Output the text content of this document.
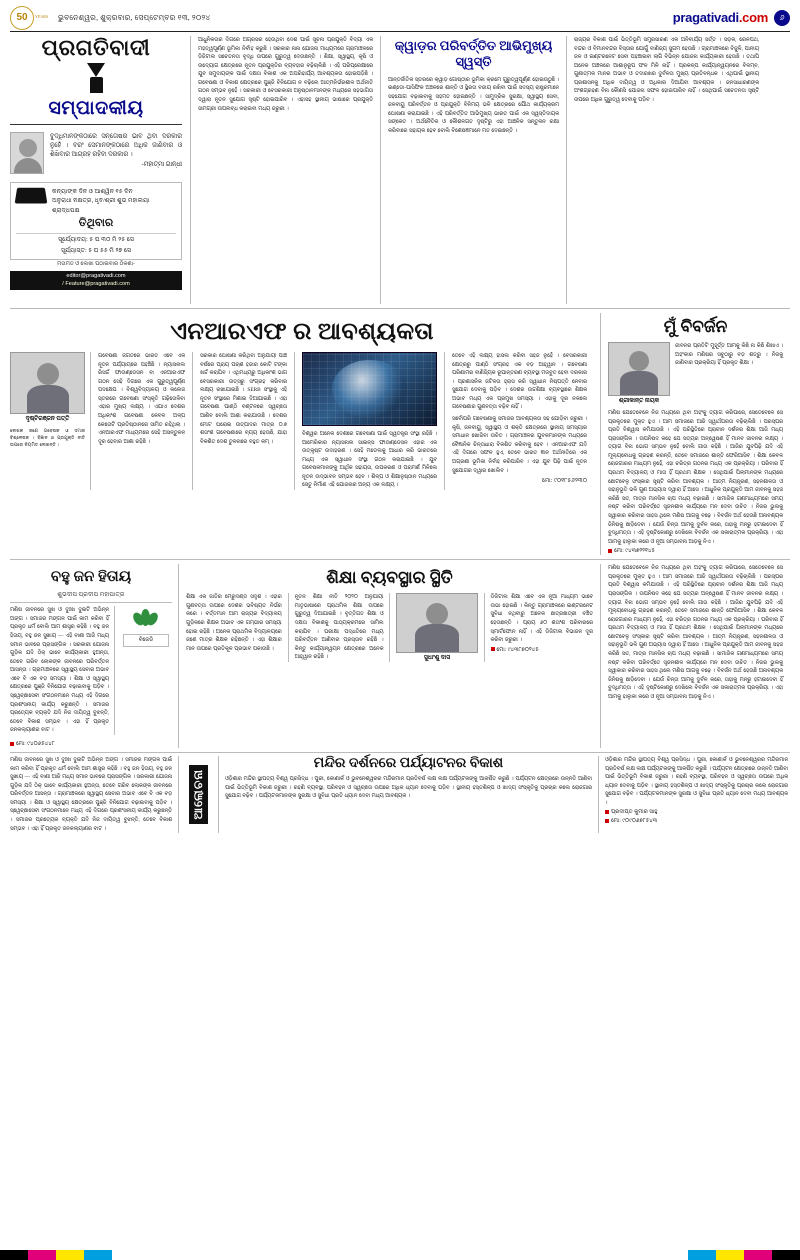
50	YEARS ଭୁବନେଶ୍ୱର, ଶୁକ୍ରବାର, ସେପ୍ଟେମ୍ବର ୧୩, ୨୦୨୪	pragativadi.com	୬
ପ୍ରଗତିବାଦୀ
ସମ୍ପାଦକୀୟ
ବୁଦ୍ଧିମାନଙ୍କଠାରେ ସନ୍ତୋଷର ଭାବ ଥିବା ଦରକାର ନୁହେଁ । ବରଂ ସେମାନଙ୍କଠାରେ ଅଧିକ ଜାଣିବାର ଓ ଶିଖିବାର ଆଗ୍ରହ ରହିବା ଦରକାର ।
-ମହାତ୍ମା ଗାନ୍ଧୀ
କନ୍ୟାଙ୍କ ଦିନ ଓ ଆଶ୍ୱିନ ୧୫ ଦିନ
ଅନୁରାଧା ନକ୍ଷତ୍ର, ଧୃବ/ଶ୍ରୀ ଶୁଭ ମହାଲୟା ଶ୍ରାଦ୍ଧପକ୍ଷ
ତିଥିବାର
ସୂର୍ଯ୍ୟୋଦୟ: ୫ ଘ ୩୦ ମି ୨୫ ସେ
ସୂର୍ଯ୍ୟାସ୍ତ: ୫ ଘ ୫୫ ମି ୨୭ ସେ
ମତାମତ ଓ ଲେଖା ପଠାଇବାର ଠିକଣା-
editor@pragativadi.com
/ Feature@pragativadi.com
ଆଧୁନିକତାର ଦିଗରେ ଅଗ୍ରସର ହେଉଥିବା ଦେଶ ପାଇଁ ସୂଚନା ପ୍ରଯୁକ୍ତି ବିଦ୍ୟା ଏକ ମହତ୍ୱପୂର୍ଣ୍ଣ ଭୂମିକା ନିର୍ବାହ କରୁଛି । ସରକାର ନାନା ଯୋଜନା ମାଧ୍ୟମରେ ଗ୍ରାମାଞ୍ଚଳରେ ଡିଜିଟାଲ ସଚେତନତା ବୃଦ୍ଧି ଉପରେ ଗୁରୁତ୍ୱ ଦେଉଛନ୍ତି । ଶିକ୍ଷା, ସ୍ୱାସ୍ଥ୍ୟ, କୃଷି ଓ ଉଦ୍ୟୋଗ କ୍ଷେତ୍ରରେ ନୂତନ ପ୍ରଯୁକ୍ତିର ବ୍ୟବହାର ବଢ଼ିଚାଲିଛି । ଏହି ପରିପ୍ରେକ୍ଷୀରେ ଯୁବ ସମୁଦାୟଙ୍କ ପାଇଁ ଦକ୍ଷତା ବିକାଶ ଏକ ଅପରିହାର୍ଯ୍ୟ ଆବଶ୍ୟକତା ହୋଇପଡ଼ିଛି । ଗବେଷଣା ଓ ବିକାଶ କ୍ଷେତ୍ରରେ ପୁଞ୍ଜି ବିନିଯୋଗ ନ ବଢ଼ିଲେ ଆତ୍ମନିର୍ଭରଶୀଳ ଅର୍ଥନୀତି ଗଠନ ସମ୍ଭବ ନୁହେଁ । ସରକାରୀ ଓ ବେସରକାରୀ ଅନୁଷ୍ଠାନମାନଙ୍କ ମଧ୍ୟରେ ସହଭାଗିତା ଦ୍ୱାରା ନୂତନ ସୁଯୋଗ ସୃଷ୍ଟି ହୋଇପାରିବ । ଏହାସହ ସ୍ଥାନୀୟ ଭାଷାରେ ପ୍ରଯୁକ୍ତି ସାମଗ୍ରୀ ଉପଲବ୍ଧ କରାଇବା ମଧ୍ୟ ଜରୁରୀ ।
କ୍ୱାଡ଼ର ପରିବର୍ତ୍ତିତ ଆଭିମୁଖ୍ୟ ସ୍ୱସ୍ତି
ଆନ୍ତର୍ଜାତିକ ସ୍ତରରେ କ୍ୱାଡ଼ ଗୋଷ୍ଠୀର ଭୂମିକା କ୍ରମେ ଗୁରୁତ୍ୱପୂର୍ଣ୍ଣ ହୋଇଉଠୁଛି । ଇଣ୍ଡୋ-ପାସିଫିକ ଅଞ୍ଚଳରେ ଶାନ୍ତି ଓ ସ୍ଥିରତା ବଜାୟ ରଖିବା ପାଇଁ ସଦସ୍ୟ ରାଷ୍ଟ୍ରମାନେ ସହଯୋଗ ବଢ଼ାଇବାକୁ ସହମତ ହୋଇଛନ୍ତି । ସାମୁଦ୍ରିକ ସୁରକ୍ଷା, ସ୍ୱାସ୍ଥ୍ୟ ସେବା, ଜଳବାୟୁ ପରିବର୍ତ୍ତନ ଓ ପ୍ରଯୁକ୍ତି ବିନିମୟ ଭଳି କ୍ଷେତ୍ରରେ ଯୌଥ କାର୍ଯ୍ୟକ୍ରମ ଘୋଷଣା କରାଯାଇଛି । ଏହି ପରିବର୍ତ୍ତିତ ଆଭିମୁଖ୍ୟ ଭାରତ ପାଇଁ ଏକ ସ୍ୱସ୍ତିଦାୟକ ସଙ୍କେତ । ଅର୍ଥନୈତିକ ଓ କୌଶଳଗତ ଦୃଷ୍ଟିରୁ ଏହା ଆଞ୍ଚଳିକ ସନ୍ତୁଳନ ରକ୍ଷା କରିବାରେ ସହାୟକ ହେବ ବୋଲି ବିଶେଷଜ୍ଞମାନେ ମତ ଦେଇଛନ୍ତି ।
ରାଜ୍ୟର ବିକାଶ ପାଇଁ ଭିତ୍ତିଭୂମି ସମ୍ପ୍ରସାରଣ ଏକ ଅନିବାର୍ଯ୍ୟ ସର୍ତ୍ତ । ସଡ଼କ, ରେଳପଥ, ବନ୍ଦର ଓ ବିମାନବନ୍ଦର ବିସ୍ତାର ଯୋଗୁଁ ବାଣିଜ୍ୟ ସୁଗମ ହେଉଛି । ଗ୍ରାମାଞ୍ଚଳରେ ବିଜୁଳି, ପାନୀୟ ଜଳ ଓ ଇଣ୍ଟରନେଟ ସେବା ପହଞ୍ଚାଇବା ଲାଗି ବିଭିନ୍ନ ଯୋଜନା କାର୍ଯ୍ୟକାରୀ ହେଉଛି । ତଥାପି ଅନେକ ଅଞ୍ଚଳରେ ଆଶାନୁରୂପ ଫଳ ମିଳି ନାହିଁ । ପ୍ରକଳ୍ପ କାର୍ଯ୍ୟାନ୍ୱୟନରେ ବିଳମ୍ବ, ଗୁଣାତ୍ମକ ମାନର ଅଭାବ ଓ ତଦାରଖର ଦୁର୍ବଳତା ମୁଖ୍ୟ ପ୍ରତିବନ୍ଧକ । ଏଥିପାଇଁ ସ୍ଥାନୀୟ ପ୍ରଶାସନକୁ ଅଧିକ ଦାୟିତ୍ୱ ଓ ଅଧିକାର ଦିଆଯିବା ଆବଶ୍ୟକ । ଜନସାଧାରଣଙ୍କ ଅଂଶଗ୍ରହଣ ବିନା କୌଣସି ଯୋଜନା ସଫଳ ହୋଇପାରିବ ନାହିଁ । ସେଥିପାଇଁ ସଚେତନତା ସୃଷ୍ଟି ଉପରେ ଅଧିକ ଗୁରୁତ୍ୱ ଦେବାକୁ ପଡ଼ିବ ।
ଏନଆରଏଫ ର ଆବଶ୍ୟକତା
ଦୃଷ୍ଟିରଞ୍ଜନ ପତ୍ତି
ଲେଖକ ଜଣେ ଗବେଷକ ଓ ସମାଜ ବିଶ୍ଳେଷକ । ବିଜ୍ଞାନ ଓ ପ୍ରଯୁକ୍ତି ନୀତି ଉପରେ ନିୟମିତ ଲେଖନ୍ତି ।
ଗବେଷଣା ଜଗତରେ ଭାରତ ଏବେ ଏକ ନୂତନ ପର୍ଯ୍ୟାୟରେ ପହଞ୍ଚିଛି । ନ୍ୟାସନାଲ ରିସର୍ଚ୍ଚ ଫାଉଣ୍ଡେସନ ବା ଏନଆରଏଫ ଗଠନ ସେହି ଦିଗରେ ଏକ ଗୁରୁତ୍ୱପୂର୍ଣ୍ଣ ପଦକ୍ଷେପ । ବିଶ୍ୱବିଦ୍ୟାଳୟ ଓ କଲେଜ ସ୍ତରରେ ଗବେଷଣା ସଂସ୍କୃତି ଗଢ଼ିତୋଳିବା ଏହାର ମୁଖ୍ୟ ଲକ୍ଷ୍ୟ । ଏଯାଏ ଦେଶର ଅଧିକାଂଶ ଗବେଷଣା କେବଳ ଅଳ୍ପ କେତୋଟି ପ୍ରତିଷ୍ଠାନରେ ସୀମିତ ରହିଥିଲା । ଏନଆରଏଫ ମାଧ୍ୟମରେ ସେହି ଅସନ୍ତୁଳନ ଦୂର ହେବାର ଆଶା ରହିଛି ।
ସରକାର ଘୋଷଣା କରିଥିବା ଅନୁଯାୟୀ ପାଞ୍ଚ ବର୍ଷରେ ପ୍ରାୟ ପଚାଶ ହଜାର କୋଟି ଟଙ୍କା ଖର୍ଚ୍ଚ କରାଯିବ । ଏଥିମଧ୍ୟରୁ ଅଧିକାଂଶ ଭାଗ ବେସରକାରୀ ଉତ୍ସରୁ ସଂଗ୍ରହ କରିବାର ଲକ୍ଷ୍ୟ ରଖାଯାଇଛି । SERB ସଂସ୍ଥାକୁ ଏହି ନୂତନ ସଂସ୍ଥାରେ ମିଶାଇ ଦିଆଯାଇଛି । ଏହା ଗବେଷଣା ପାଣ୍ଠି ବଣ୍ଟନରେ ସ୍ୱଚ୍ଛତା ଆଣିବ ବୋଲି ଆଶା କରାଯାଉଛି । ଦେଶର ମୋଟ ଘରୋଇ ଉତ୍ପାଦର ମାତ୍ର ୦.୭ ଶତାଂଶ ଗବେଷଣାରେ ବ୍ୟୟ ହେଉଛି, ଯାହା ବିକଶିତ ଦେଶ ତୁଳନାରେ ବହୁତ କମ୍ ।
ବିଶ୍ୱର ଅନେକ ଦେଶରେ ଗବେଷଣା ପାଇଁ ସ୍ୱତନ୍ତ୍ର ସଂସ୍ଥା ରହିଛି । ଆମେରିକାର ନ୍ୟାସନାଲ ସାଇନ୍ସ ଫାଉଣ୍ଡେସନ ଏହାର ଏକ ଉତ୍କୃଷ୍ଟ ଉଦାହରଣ । ସେହି ମଡେଲକୁ ଆଧାର କରି ଭାରତରେ ମଧ୍ୟ ଏକ ସ୍ୱାଧୀନ ସଂସ୍ଥା ଗଠନ କରାଯାଇଛି । ଯୁବ ଗବେଷକମାନଙ୍କୁ ଆର୍ଥିକ ସହାୟତା, ଉପକରଣ ଓ ପରାମର୍ଶ ମିଳିଲେ ନୂତନ ଉଦ୍ଭାବନ ସମ୍ଭବ ହେବ । ଶିଳ୍ପ ଓ ଶିକ୍ଷାନୁଷ୍ଠାନ ମଧ୍ୟରେ ସେତୁ ନିର୍ମାଣ ଏହି ଯୋଜନାର ଅନ୍ୟ ଏକ ଲକ୍ଷ୍ୟ ।
ତେବେ ଏହି ଲକ୍ଷ୍ୟ ହାସଲ କରିବା ସହଜ ନୁହେଁ । ବେସରକାରୀ କ୍ଷେତ୍ରରୁ ପାଣ୍ଠି ସଂଗ୍ରହ ଏକ ବଡ଼ ଆହ୍ୱାନ । ଗବେଷଣା ପରିଣାମର ବାଣିଜ୍ୟିକ ରୂପାନ୍ତରଣ ବ୍ୟବସ୍ଥା ମଜବୁତ ହେବା ଦରକାର । ପ୍ରଶାସନିକ ଜଟିଳତା ହ୍ରାସ କରି ସ୍ୱାଧୀନ ନିଷ୍ପତ୍ତି ନେବାର ସୁଯୋଗ ଦେବାକୁ ପଡ଼ିବ । ଦେଶର ଉଚ୍ଚଶିକ୍ଷା ବ୍ୟବସ୍ଥାରେ ଶିକ୍ଷକ ଅଭାବ ମଧ୍ୟ ଏକ ପ୍ରମୁଖ ସମସ୍ୟା । ଏହାକୁ ଦୂର ନକଲେ ଗବେଷଣାର ଗୁଣବତ୍ତା ବଢ଼ିବ ନାହିଁ ।
ସର୍ବୋପରି ଗବେଷଣାକୁ ସମାଜର ଆବଶ୍ୟକତା ସହ ଯୋଡ଼ିବା ଜରୁରୀ । କୃଷି, ଜଳବାୟୁ, ସ୍ୱାସ୍ଥ୍ୟ ଓ ଶକ୍ତି କ୍ଷେତ୍ରରେ ସ୍ଥାନୀୟ ସମସ୍ୟାର ସମାଧାନ ଖୋଜିବା ଉଚିତ । ଗ୍ରାମାଞ୍ଚଳର ଯୁବକମାନଙ୍କ ମଧ୍ୟରେ ବୈଜ୍ଞାନିକ ଚିନ୍ତାଧାରା ବିକଶିତ କରିବାକୁ ହେବ । ଏନଆରଏଫ ଯଦି ଏହି ଦିଗରେ ସଫଳ ହୁଏ, ତେବେ ଭାରତ ଜ୍ଞାନ ଅର୍ଥନୀତିରେ ଏକ ଅଗ୍ରଣୀ ଭୂମିକା ନିର୍ବାହ କରିପାରିବ । ଏହା ଯୁବ ପିଢ଼ି ପାଇଁ ନୂତନ ସୁଯୋଗର ଦ୍ୱାର ଖୋଲିବ ।
ମୋ: ୯୦୧୮୫୬୨୩୦
ମୁଁ ବିବର୍ଜନ
ଶ୍ରୀକାନ୍ତ ନାୟକ
ଜୀବନର ପ୍ରତିଟି ମୁହୂର୍ତ୍ତ ଆମକୁ କିଛି ନା କିଛି ଶିଖାଏ । ଅହଂକାର ମଣିଷର ସବୁଠାରୁ ବଡ଼ ଶତ୍ରୁ । ନିଜକୁ ଜାଣିବାର ପ୍ରକ୍ରିୟା ହିଁ ପ୍ରକୃତ ଶିକ୍ଷା ।
ମଣିଷ ଯେତେବେଳେ ନିଜ ମଧ୍ୟରେ ଥିବା ଅହଂକୁ ତ୍ୟାଗ କରିପାରେ, ସେତେବେଳେ ସେ ପ୍ରକୃତରେ ମୁକ୍ତ ହୁଏ । ଆମ ସମାଜରେ ଆଜି ସ୍ୱାର୍ଥପରତା ବଢ଼ିଚାଲିଛି । ପରସ୍ପର ପ୍ରତି ବିଶ୍ୱାସ କମିଯାଉଛି । ଏହି ପରିସ୍ଥିତିରେ ପ୍ରାଚୀନ ଦର୍ଶନର ଶିକ୍ଷା ଆଜି ମଧ୍ୟ ପ୍ରାସଙ୍ଗିକ । ଉପନିଷଦ କହେ ଯେ ସତ୍ୟର ଅନ୍ୱେଷଣ ହିଁ ମାନବ ଜୀବନର ଲକ୍ଷ୍ୟ । ତ୍ୟାଗ ବିନା ଭୋଗ ସମ୍ଭବ ନୁହେଁ ବୋଲି ଗୀତା କହିଛି । ଆଜିର ଯୁବପିଢ଼ି ଯଦି ଏହି ମୂଲ୍ୟବୋଧକୁ ଗ୍ରହଣ କରନ୍ତି, ତେବେ ସମାଜରେ ଶାନ୍ତି ଫେରିଆସିବ । ଶିକ୍ଷା କେବଳ ରୋଜଗାରର ମାଧ୍ୟମ ନୁହେଁ, ଏହା ଚରିତ୍ର ଗଠନର ମଧ୍ୟ ଏକ ପ୍ରକ୍ରିୟା । ପରିବାର ହିଁ ପ୍ରଥମ ବିଦ୍ୟାଳୟ ଓ ମାତା ହିଁ ପ୍ରଥମ ଶିକ୍ଷକ । ସେଥିପାଇଁ ପିଲାମାନଙ୍କ ମଧ୍ୟରେ ଛୋଟବେଳୁ ସଂସ୍କାର ସୃଷ୍ଟି କରିବା ଆବଶ୍ୟକ । ଆତ୍ମ ନିୟନ୍ତ୍ରଣ, ସହନଶୀଳତା ଓ ସହାନୁଭୂତି ଭଳି ଗୁଣ ଅଭ୍ୟାସ ଦ୍ୱାରା ହିଁ ଆସେ । ଆଧୁନିକ ପ୍ରଯୁକ୍ତି ଆମ ଜୀବନକୁ ସହଜ କରିଛି ସତ, ମାତ୍ର ମାନସିକ ଚାପ ମଧ୍ୟ ବଢ଼ାଇଛି । ସାମାଜିକ ଗଣମାଧ୍ୟମରେ ସମୟ ନଷ୍ଟ କରିବା ପରିବର୍ତ୍ତେ ସୃଜନଶୀଳ କାର୍ଯ୍ୟରେ ମନ ଦେବା ଉଚିତ । ନିଜର ଭୁଲକୁ ସ୍ୱୀକାର କରିବାର ସାହସ ଥିଲେ ମଣିଷ ଆଗକୁ ବଢ଼େ । ବିବର୍ଜନ ଅର୍ଥ ହେଉଛି ଅନାବଶ୍ୟକ ଜିନିଷକୁ ଛାଡ଼ିଦେବା । ଯେଉଁ ଚିନ୍ତା ଆମକୁ ଦୁର୍ବଳ କରେ, ତାହାକୁ ମନରୁ ହଟାଇଦେବା ହିଁ ବୁଦ୍ଧିମତ୍ତା । ଏହି ଦୃଷ୍ଟିକୋଣରୁ ଦେଖିଲେ ବିବର୍ଜନ ଏକ ସକାରାତ୍ମକ ପ୍ରକ୍ରିୟା । ଏହା ଆମକୁ ହାଲୁକା କରେ ଓ ନୂଆ ସମ୍ଭାବନା ଆଡ଼କୁ ନିଏ ।
ମୋ: ୯୪୩୭୨୨୧୪୫
ବହୁ ଜନ ହିତାୟ
ଶୁଭଦୀପ ପ୍ରଦୀପ ମହାପାତ୍ର
ମଣିଷ ଜୀବନରେ ସୁଖ ଓ ଦୁଃଖ ଦୁଇଟି ଅଭିନ୍ନ ଅଙ୍ଗ । ସମାଜର ମଙ୍ଗଳ ପାଇଁ କାମ କରିବା ହିଁ ପ୍ରକୃତ ଧର୍ମ ବୋଲି ଆମ ଶାସ୍ତ୍ର କହିଛି । ବହୁ ଜନ ହିତାୟ, ବହୁ ଜନ ସୁଖାୟ — ଏହି ବାଣୀ ଆଜି ମଧ୍ୟ ସମାନ ଭାବରେ ପ୍ରାସଙ୍ଗିକ । ସରକାରୀ ଯୋଜନା ଗୁଡ଼ିକ ଯଦି ଠିକ୍ ଭାବେ କାର୍ଯ୍ୟକାରୀ ହୁଅନ୍ତା, ତେବେ ଗରିବ ଲୋକଙ୍କ ଜୀବନରେ ପରିବର୍ତ୍ତନ ଆସନ୍ତା । ଗ୍ରାମାଞ୍ଚଳରେ ସ୍ୱାସ୍ଥ୍ୟ ସେବାର ଅଭାବ ଏବେ ବି ଏକ ବଡ଼ ସମସ୍ୟା । ଶିକ୍ଷା ଓ ସ୍ୱାସ୍ଥ୍ୟ କ୍ଷେତ୍ରରେ ପୁଞ୍ଜି ବିନିଯୋଗ ବଢ଼ାଇବାକୁ ପଡ଼ିବ । ସ୍ୱେଚ୍ଛାସେବୀ ସଂଗଠନମାନେ ମଧ୍ୟ ଏହି ଦିଗରେ ପ୍ରଶଂସନୀୟ କାର୍ଯ୍ୟ କରୁଛନ୍ତି । ସମାଜର ପ୍ରତ୍ୟେକ ବ୍ୟକ୍ତି ଯଦି ନିଜ ଦାୟିତ୍ୱ ବୁଝନ୍ତି, ତେବେ ବିକାଶ ସମ୍ଭବ । ଏହା ହିଁ ପ୍ରକୃତ ଜନକଲ୍ୟାଣର ବାଟ ।
ବିଜେଡି
ମୋ: ୯୪୦୬୫୪୪୮
ଶିକ୍ଷା ବ୍ୟବସ୍ଥାର ସ୍ଥିତି
ଶିକ୍ଷା ଏକ ଜାତିର ମେରୁଦଣ୍ଡ ସଦୃଶ । ଏହାର ଗୁଣବତ୍ତା ଉପରେ ଦେଶର ଭବିଷ୍ୟତ ନିର୍ଭର କରେ । ବର୍ତ୍ତମାନ ଆମ ରାଜ୍ୟର ବିଦ୍ୟାଳୟ ଗୁଡ଼ିକରେ ଶିକ୍ଷକ ଅଭାବ ଏକ ଗମ୍ଭୀର ସମସ୍ୟା ହୋଇ ରହିଛି । ଅନେକ ପ୍ରାଥମିକ ବିଦ୍ୟାଳୟରେ ଜଣେ ମାତ୍ର ଶିକ୍ଷକ ରହିଛନ୍ତି । ଏହା ଶିକ୍ଷାର ମାନ ଉପରେ ପ୍ରତିକୂଳ ପ୍ରଭାବ ପକାଉଛି ।
ନୂତନ ଶିକ୍ଷା ନୀତି ୨୦୨୦ ଅନୁଯାୟୀ ମାତୃଭାଷାରେ ପ୍ରାଥମିକ ଶିକ୍ଷା ଉପରେ ଗୁରୁତ୍ୱ ଦିଆଯାଇଛି । ବୃତ୍ତିଗତ ଶିକ୍ଷା ଓ ଦକ୍ଷତା ବିକାଶକୁ ପାଠ୍ୟକ୍ରମରେ ସାମିଲ କରାଯିବ । ପରୀକ୍ଷା ପଦ୍ଧତିରେ ମଧ୍ୟ ପରିବର୍ତ୍ତନ ଆଣିବାର ପ୍ରସ୍ତାବ ରହିଛି । କିନ୍ତୁ କାର୍ଯ୍ୟାନ୍ୱୟନ କ୍ଷେତ୍ରରେ ଅନେକ ଆହ୍ୱାନ ରହିଛି ।	ସୁଧାଂଶୁ ଦାସ
ଡିଜିଟାଲ ଶିକ୍ଷା ଏବେ ଏକ ନୂଆ ମାଧ୍ୟମ ଭାବେ ଉଭା ହୋଇଛି । କିନ୍ତୁ ଗ୍ରାମାଞ୍ଚଳରେ ଇଣ୍ଟରନେଟ ସୁବିଧା ନଥିବାରୁ ଅନେକ ଛାତ୍ରଛାତ୍ରୀ ବଞ୍ଚିତ ହେଉଛନ୍ତି । ପ୍ରାୟ ୬୦ ଶତାଂଶ ପରିବାରରେ ସ୍ମାର୍ଟଫୋନ ନାହିଁ । ଏହି ଡିଜିଟାଲ ବିଭାଜନ ଦୂର କରିବା ଜରୁରୀ ।
ମୋ: ୯୪୩୮୭୦୨୪୫
ମଣିଷ ଯେତେବେଳେ ନିଜ ମଧ୍ୟରେ ଥିବା ଅହଂକୁ ତ୍ୟାଗ କରିପାରେ, ସେତେବେଳେ ସେ ପ୍ରକୃତରେ ମୁକ୍ତ ହୁଏ । ଆମ ସମାଜରେ ଆଜି ସ୍ୱାର୍ଥପରତା ବଢ଼ିଚାଲିଛି । ପରସ୍ପର ପ୍ରତି ବିଶ୍ୱାସ କମିଯାଉଛି । ଏହି ପରିସ୍ଥିତିରେ ପ୍ରାଚୀନ ଦର୍ଶନର ଶିକ୍ଷା ଆଜି ମଧ୍ୟ ପ୍ରାସଙ୍ଗିକ । ଉପନିଷଦ କହେ ଯେ ସତ୍ୟର ଅନ୍ୱେଷଣ ହିଁ ମାନବ ଜୀବନର ଲକ୍ଷ୍ୟ । ତ୍ୟାଗ ବିନା ଭୋଗ ସମ୍ଭବ ନୁହେଁ ବୋଲି ଗୀତା କହିଛି । ଆଜିର ଯୁବପିଢ଼ି ଯଦି ଏହି ମୂଲ୍ୟବୋଧକୁ ଗ୍ରହଣ କରନ୍ତି, ତେବେ ସମାଜରେ ଶାନ୍ତି ଫେରିଆସିବ । ଶିକ୍ଷା କେବଳ ରୋଜଗାରର ମାଧ୍ୟମ ନୁହେଁ, ଏହା ଚରିତ୍ର ଗଠନର ମଧ୍ୟ ଏକ ପ୍ରକ୍ରିୟା । ପରିବାର ହିଁ ପ୍ରଥମ ବିଦ୍ୟାଳୟ ଓ ମାତା ହିଁ ପ୍ରଥମ ଶିକ୍ଷକ । ସେଥିପାଇଁ ପିଲାମାନଙ୍କ ମଧ୍ୟରେ ଛୋଟବେଳୁ ସଂସ୍କାର ସୃଷ୍ଟି କରିବା ଆବଶ୍ୟକ । ଆତ୍ମ ନିୟନ୍ତ୍ରଣ, ସହନଶୀଳତା ଓ ସହାନୁଭୂତି ଭଳି ଗୁଣ ଅଭ୍ୟାସ ଦ୍ୱାରା ହିଁ ଆସେ । ଆଧୁନିକ ପ୍ରଯୁକ୍ତି ଆମ ଜୀବନକୁ ସହଜ କରିଛି ସତ, ମାତ୍ର ମାନସିକ ଚାପ ମଧ୍ୟ ବଢ଼ାଇଛି । ସାମାଜିକ ଗଣମାଧ୍ୟମରେ ସମୟ ନଷ୍ଟ କରିବା ପରିବର୍ତ୍ତେ ସୃଜନଶୀଳ କାର୍ଯ୍ୟରେ ମନ ଦେବା ଉଚିତ । ନିଜର ଭୁଲକୁ ସ୍ୱୀକାର କରିବାର ସାହସ ଥିଲେ ମଣିଷ ଆଗକୁ ବଢ଼େ । ବିବର୍ଜନ ଅର୍ଥ ହେଉଛି ଅନାବଶ୍ୟକ ଜିନିଷକୁ ଛାଡ଼ିଦେବା । ଯେଉଁ ଚିନ୍ତା ଆମକୁ ଦୁର୍ବଳ କରେ, ତାହାକୁ ମନରୁ ହଟାଇଦେବା ହିଁ ବୁଦ୍ଧିମତ୍ତା । ଏହି ଦୃଷ୍ଟିକୋଣରୁ ଦେଖିଲେ ବିବର୍ଜନ ଏକ ସକାରାତ୍ମକ ପ୍ରକ୍ରିୟା । ଏହା ଆମକୁ ହାଲୁକା କରେ ଓ ନୂଆ ସମ୍ଭାବନା ଆଡ଼କୁ ନିଏ ।
ମଣିଷ ଜୀବନରେ ସୁଖ ଓ ଦୁଃଖ ଦୁଇଟି ଅଭିନ୍ନ ଅଙ୍ଗ । ସମାଜର ମଙ୍ଗଳ ପାଇଁ କାମ କରିବା ହିଁ ପ୍ରକୃତ ଧର୍ମ ବୋଲି ଆମ ଶାସ୍ତ୍ର କହିଛି । ବହୁ ଜନ ହିତାୟ, ବହୁ ଜନ ସୁଖାୟ — ଏହି ବାଣୀ ଆଜି ମଧ୍ୟ ସମାନ ଭାବରେ ପ୍ରାସଙ୍ଗିକ । ସରକାରୀ ଯୋଜନା ଗୁଡ଼ିକ ଯଦି ଠିକ୍ ଭାବେ କାର୍ଯ୍ୟକାରୀ ହୁଅନ୍ତା, ତେବେ ଗରିବ ଲୋକଙ୍କ ଜୀବନରେ ପରିବର୍ତ୍ତନ ଆସନ୍ତା । ଗ୍ରାମାଞ୍ଚଳରେ ସ୍ୱାସ୍ଥ୍ୟ ସେବାର ଅଭାବ ଏବେ ବି ଏକ ବଡ଼ ସମସ୍ୟା । ଶିକ୍ଷା ଓ ସ୍ୱାସ୍ଥ୍ୟ କ୍ଷେତ୍ରରେ ପୁଞ୍ଜି ବିନିଯୋଗ ବଢ଼ାଇବାକୁ ପଡ଼ିବ । ସ୍ୱେଚ୍ଛାସେବୀ ସଂଗଠନମାନେ ମଧ୍ୟ ଏହି ଦିଗରେ ପ୍ରଶଂସନୀୟ କାର୍ଯ୍ୟ କରୁଛନ୍ତି । ସମାଜର ପ୍ରତ୍ୟେକ ବ୍ୟକ୍ତି ଯଦି ନିଜ ଦାୟିତ୍ୱ ବୁଝନ୍ତି, ତେବେ ବିକାଶ ସମ୍ଭବ । ଏହା ହିଁ ପ୍ରକୃତ ଜନକଲ୍ୟାଣର ବାଟ ।
ଆଲୋଚନା
ମନ୍ଦିର ଦର୍ଶନରେ ପର୍ଯ୍ୟାଟନର ବିକାଶ
ଓଡ଼ିଶାର ମନ୍ଦିର ସ୍ଥାପତ୍ୟ ବିଶ୍ୱ ପ୍ରସିଦ୍ଧ । ପୁରୀ, କୋଣାର୍କ ଓ ଭୁବନେଶ୍ୱରର ମନ୍ଦିରମାନ ପ୍ରତିବର୍ଷ ଲକ୍ଷ ଲକ୍ଷ ପର୍ଯ୍ୟଟକଙ୍କୁ ଆକର୍ଷିତ କରୁଛି । ପର୍ଯ୍ୟଟନ କ୍ଷେତ୍ରରେ ଉନ୍ନତି ଆଣିବା ପାଇଁ ଭିତ୍ତିଭୂମି ବିକାଶ ଜରୁରୀ । ରହଣି ବ୍ୟବସ୍ଥା, ପରିବହନ ଓ ସ୍ୱଚ୍ଛତା ଉପରେ ଅଧିକ ଧ୍ୟାନ ଦେବାକୁ ପଡ଼ିବ । ସ୍ଥାନୀୟ ହସ୍ତଶିଳ୍ପ ଓ ଖାଦ୍ୟ ସଂସ୍କୃତିକୁ ପ୍ରଚାର କଲେ ରୋଜଗାର ସୁଯୋଗ ବଢ଼ିବ । ପର୍ଯ୍ୟଟକମାନଙ୍କ ସୁରକ୍ଷା ଓ ସୁବିଧା ପ୍ରତି ଧ୍ୟାନ ଦେବା ମଧ୍ୟ ଆବଶ୍ୟକ ।
ଓଡ଼ିଶାର ମନ୍ଦିର ସ୍ଥାପତ୍ୟ ବିଶ୍ୱ ପ୍ରସିଦ୍ଧ । ପୁରୀ, କୋଣାର୍କ ଓ ଭୁବନେଶ୍ୱରର ମନ୍ଦିରମାନ ପ୍ରତିବର୍ଷ ଲକ୍ଷ ଲକ୍ଷ ପର୍ଯ୍ୟଟକଙ୍କୁ ଆକର୍ଷିତ କରୁଛି । ପର୍ଯ୍ୟଟନ କ୍ଷେତ୍ରରେ ଉନ୍ନତି ଆଣିବା ପାଇଁ ଭିତ୍ତିଭୂମି ବିକାଶ ଜରୁରୀ । ରହଣି ବ୍ୟବସ୍ଥା, ପରିବହନ ଓ ସ୍ୱଚ୍ଛତା ଉପରେ ଅଧିକ ଧ୍ୟାନ ଦେବାକୁ ପଡ଼ିବ । ସ୍ଥାନୀୟ ହସ୍ତଶିଳ୍ପ ଓ ଖାଦ୍ୟ ସଂସ୍କୃତିକୁ ପ୍ରଚାର କଲେ ରୋଜଗାର ସୁଯୋଗ ବଢ଼ିବ । ପର୍ଯ୍ୟଟକମାନଙ୍କ ସୁରକ୍ଷା ଓ ସୁବିଧା ପ୍ରତି ଧ୍ୟାନ ଦେବା ମଧ୍ୟ ଆବଶ୍ୟକ ।
ପ୍ରଦୀପ୍ତ କୁମାର ସାହୁ
ମୋ: ୯୦୯୦୬୭୮୫୪୩
